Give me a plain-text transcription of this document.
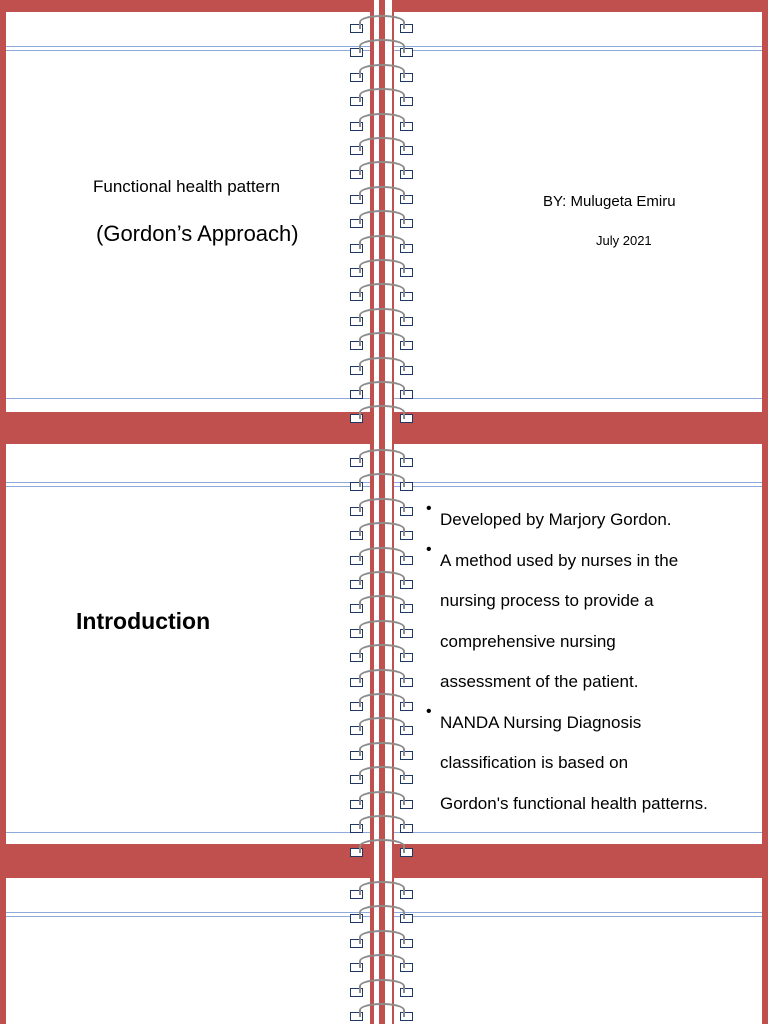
Functional health pattern
(Gordon’s Approach)
BY: Mulugeta Emiru
July 2021
Introduction
• Developed by Marjory Gordon.
• A method used by nurses in the
nursing process to provide a
comprehensive nursing
assessment of the patient.
• NANDA Nursing Diagnosis
classification is based on
Gordon's functional health patterns.
